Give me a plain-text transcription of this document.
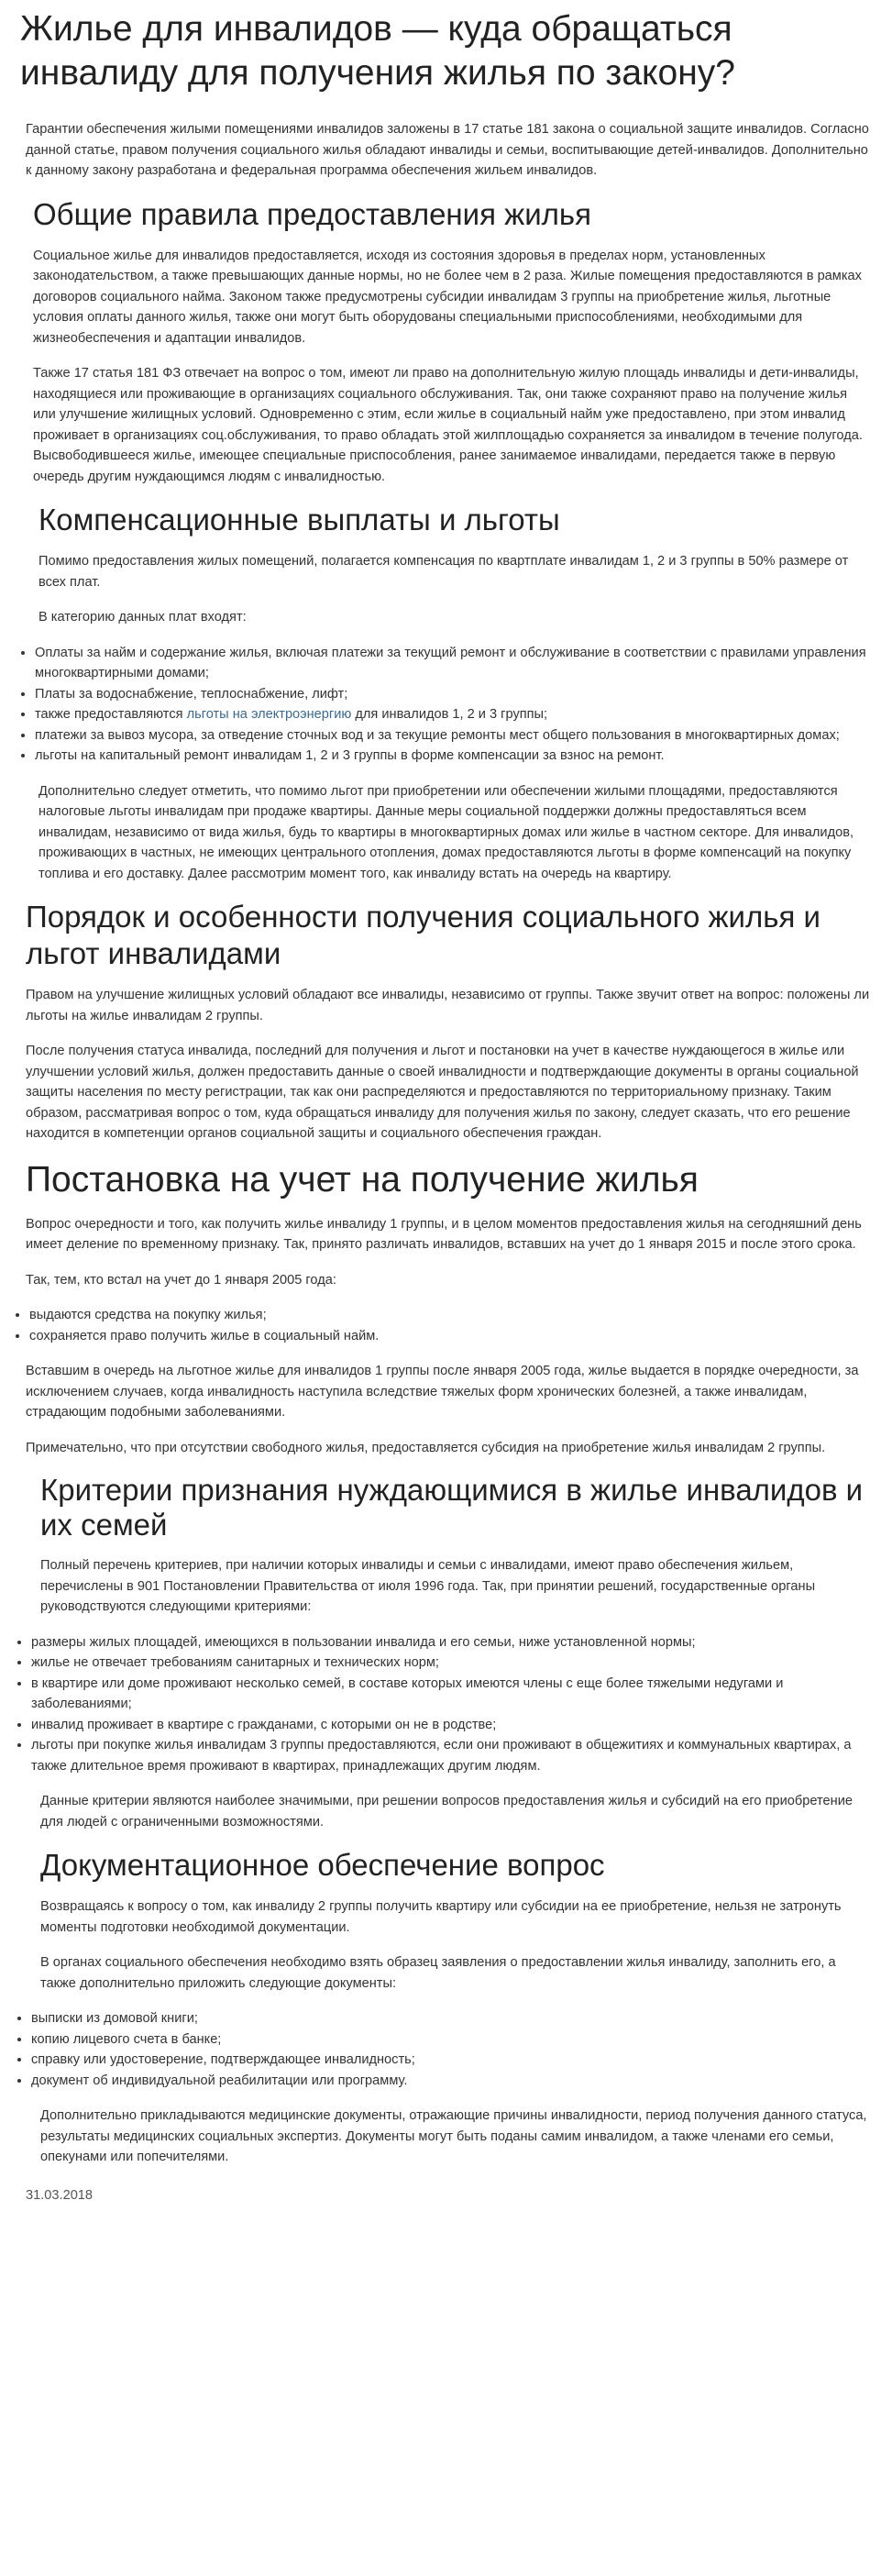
Жилье для инвалидов — куда обращаться инвалиду для получения жилья по закону?

Гарантии обеспечения жилыми помещениями инвалидов заложены в 17 статье 181 закона о социальной защите инвалидов. Согласно данной статье, правом получения социального жилья обладают инвалиды и семьи, воспитывающие детей-инвалидов. Дополнительно к данному закону разработана и федеральная программа обеспечения жильем инвалидов.

Общие правила предоставления жилья

Социальное жилье для инвалидов предоставляется, исходя из состояния здоровья в пределах норм, установленных законодательством, а также превышающих данные нормы, но не более чем в 2 раза. Жилые помещения предоставляются в рамках договоров социального найма. Законом также предусмотрены субсидии инвалидам 3 группы на приобретение жилья, льготные условия оплаты данного жилья, также они могут быть оборудованы специальными приспособлениями, необходимыми для жизнеобеспечения и адаптации инвалидов.

Также 17 статья 181 ФЗ отвечает на вопрос о том, имеют ли право на дополнительную жилую площадь инвалиды и дети-инвалиды, находящиеся или проживающие в организациях социального обслуживания. Так, они также сохраняют право на получение жилья или улучшение жилищных условий. Одновременно с этим, если жилье в социальный найм уже предоставлено, при этом инвалид проживает в организациях соц.обслуживания, то право обладать этой жилплощадью сохраняется за инвалидом в течение полугода. Высвободившееся жилье, имеющее специальные приспособления, ранее занимаемое инвалидами, передается также в первую очередь другим нуждающимся людям с инвалидностью.

Компенсационные выплаты и льготы

Помимо предоставления жилых помещений, полагается компенсация по квартплате инвалидам 1, 2 и 3 группы в 50% размере от всех плат.

В категорию данных плат входят:

• Оплаты за найм и содержание жилья, включая платежи за текущий ремонт и обслуживание в соответствии с правилами управления многоквартирными домами;
• Платы за водоснабжение, теплоснабжение, лифт;
• также предоставляются льготы на электроэнергию для инвалидов 1, 2 и 3 группы;
• платежи за вывоз мусора, за отведение сточных вод и за текущие ремонты мест общего пользования в многоквартирных домах;
• льготы на капитальный ремонт инвалидам 1, 2 и 3 группы в форме компенсации за взнос на ремонт.

Дополнительно следует отметить, что помимо льгот при приобретении или обеспечении жилыми площадями, предоставляются налоговые льготы инвалидам при продаже квартиры. Данные меры социальной поддержки должны предоставляться всем инвалидам, независимо от вида жилья, будь то квартиры в многоквартирных домах или жилье в частном секторе. Для инвалидов, проживающих в частных, не имеющих центрального отопления, домах предоставляются льготы в форме компенсаций на покупку топлива и его доставку. Далее рассмотрим момент того, как инвалиду встать на очередь на квартиру.

Порядок и особенности получения социального жилья и льгот инвалидами

Правом на улучшение жилищных условий обладают все инвалиды, независимо от группы. Также звучит ответ на вопрос: положены ли льготы на жилье инвалидам 2 группы.

После получения статуса инвалида, последний для получения и льгот и постановки на учет в качестве нуждающегося в жилье или улучшении условий жилья, должен предоставить данные о своей инвалидности и подтверждающие документы в органы социальной защиты населения по месту регистрации, так как они распределяются и предоставляются по территориальному признаку. Таким образом, рассматривая вопрос о том, куда обращаться инвалиду для получения жилья по закону, следует сказать, что его решение находится в компетенции органов социальной защиты и социального обеспечения граждан.

Постановка на учет на получение жилья

Вопрос очередности и того, как получить жилье инвалиду 1 группы, и в целом моментов предоставления жилья на сегодняшний день имеет деление по временному признаку. Так, принято различать инвалидов, вставших на учет до 1 января 2015 и после этого срока.

Так, тем, кто встал на учет до 1 января 2005 года:

• выдаются средства на покупку жилья;
• сохраняется право получить жилье в социальный найм.

Вставшим в очередь на льготное жилье для инвалидов 1 группы после января 2005 года, жилье выдается в порядке очередности, за исключением случаев, когда инвалидность наступила вследствие тяжелых форм хронических болезней, а также инвалидам, страдающим подобными заболеваниями.

Примечательно, что при отсутствии свободного жилья, предоставляется субсидия на приобретение жилья инвалидам 2 группы.

Критерии признания нуждающимися в жилье инвалидов и их семей

Полный перечень критериев, при наличии которых инвалиды и семьи с инвалидами, имеют право обеспечения жильем, перечислены в 901 Постановлении Правительства от июля 1996 года. Так, при принятии решений, государственные органы руководствуются следующими критериями:

• размеры жилых площадей, имеющихся в пользовании инвалида и его семьи, ниже установленной нормы;
• жилье не отвечает требованиям санитарных и технических норм;
• в квартире или доме проживают несколько семей, в составе которых имеются члены с еще более тяжелыми недугами и заболеваниями;
• инвалид проживает в квартире с гражданами, с которыми он не в родстве;
• льготы при покупке жилья инвалидам 3 группы предоставляются, если они проживают в общежитиях и коммунальных квартирах, а также длительное время проживают в квартирах, принадлежащих другим людям.

Данные критерии являются наиболее значимыми, при решении вопросов предоставления жилья и субсидий на его приобретение для людей с ограниченными возможностями.

Документационное обеспечение вопрос

Возвращаясь к вопросу о том, как инвалиду 2 группы получить квартиру или субсидии на ее приобретение, нельзя не затронуть моменты подготовки необходимой документации.

В органах социального обеспечения необходимо взять образец заявления о предоставлении жилья инвалиду, заполнить его, а также дополнительно приложить следующие документы:

• выписки из домовой книги;
• копию лицевого счета в банке;
• справку или удостоверение, подтверждающее инвалидность;
• документ об индивидуальной реабилитации или программу.

Дополнительно прикладываются медицинские документы, отражающие причины инвалидности, период получения данного статуса, результаты медицинских социальных экспертиз. Документы могут быть поданы самим инвалидом, а также членами его семьи, опекунами или попечителями.

31.03.2018
